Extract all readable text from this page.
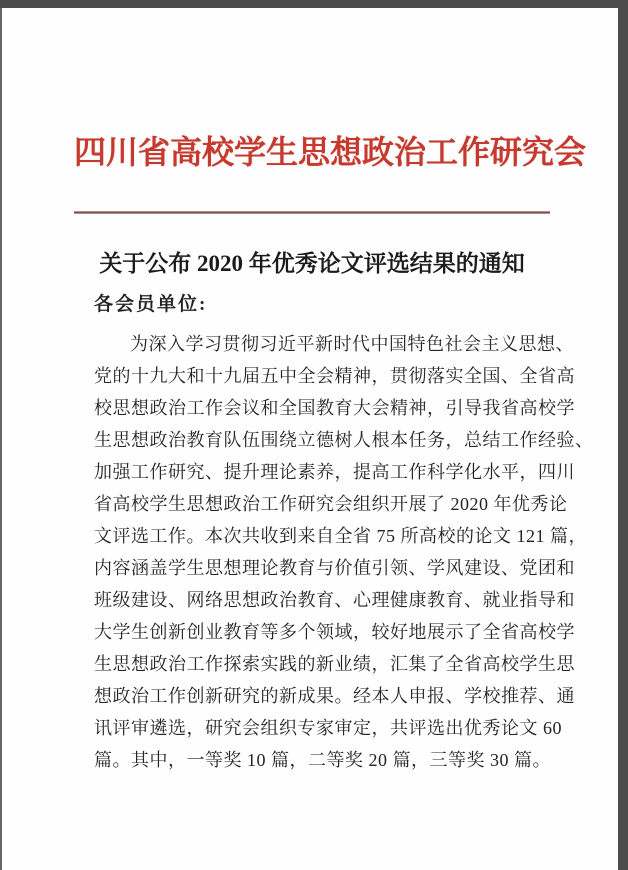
四川省高校学生思想政治工作研究会
关于公布 2020 年优秀论文评选结果的通知
各会员单位:
为深入学习贯彻习近平新时代中国特色社会主义思想、
党的十九大和十九届五中全会精神，贯彻落实全国、全省高
校思想政治工作会议和全国教育大会精神，引导我省高校学
生思想政治教育队伍围绕立德树人根本任务，总结工作经验、
加强工作研究、提升理论素养，提高工作科学化水平，四川
省高校学生思想政治工作研究会组织开展了 2020 年优秀论
文评选工作。本次共收到来自全省 75 所高校的论文 121 篇，
内容涵盖学生思想理论教育与价值引领、学风建设、党团和
班级建设、网络思想政治教育、心理健康教育、就业指导和
大学生创新创业教育等多个领域，较好地展示了全省高校学
生思想政治工作探索实践的新业绩，汇集了全省高校学生思
想政治工作创新研究的新成果。经本人申报、学校推荐、通
讯评审遴选，研究会组织专家审定，共评选出优秀论文 60
篇。其中，一等奖 10 篇，二等奖 20 篇，三等奖 30 篇。
